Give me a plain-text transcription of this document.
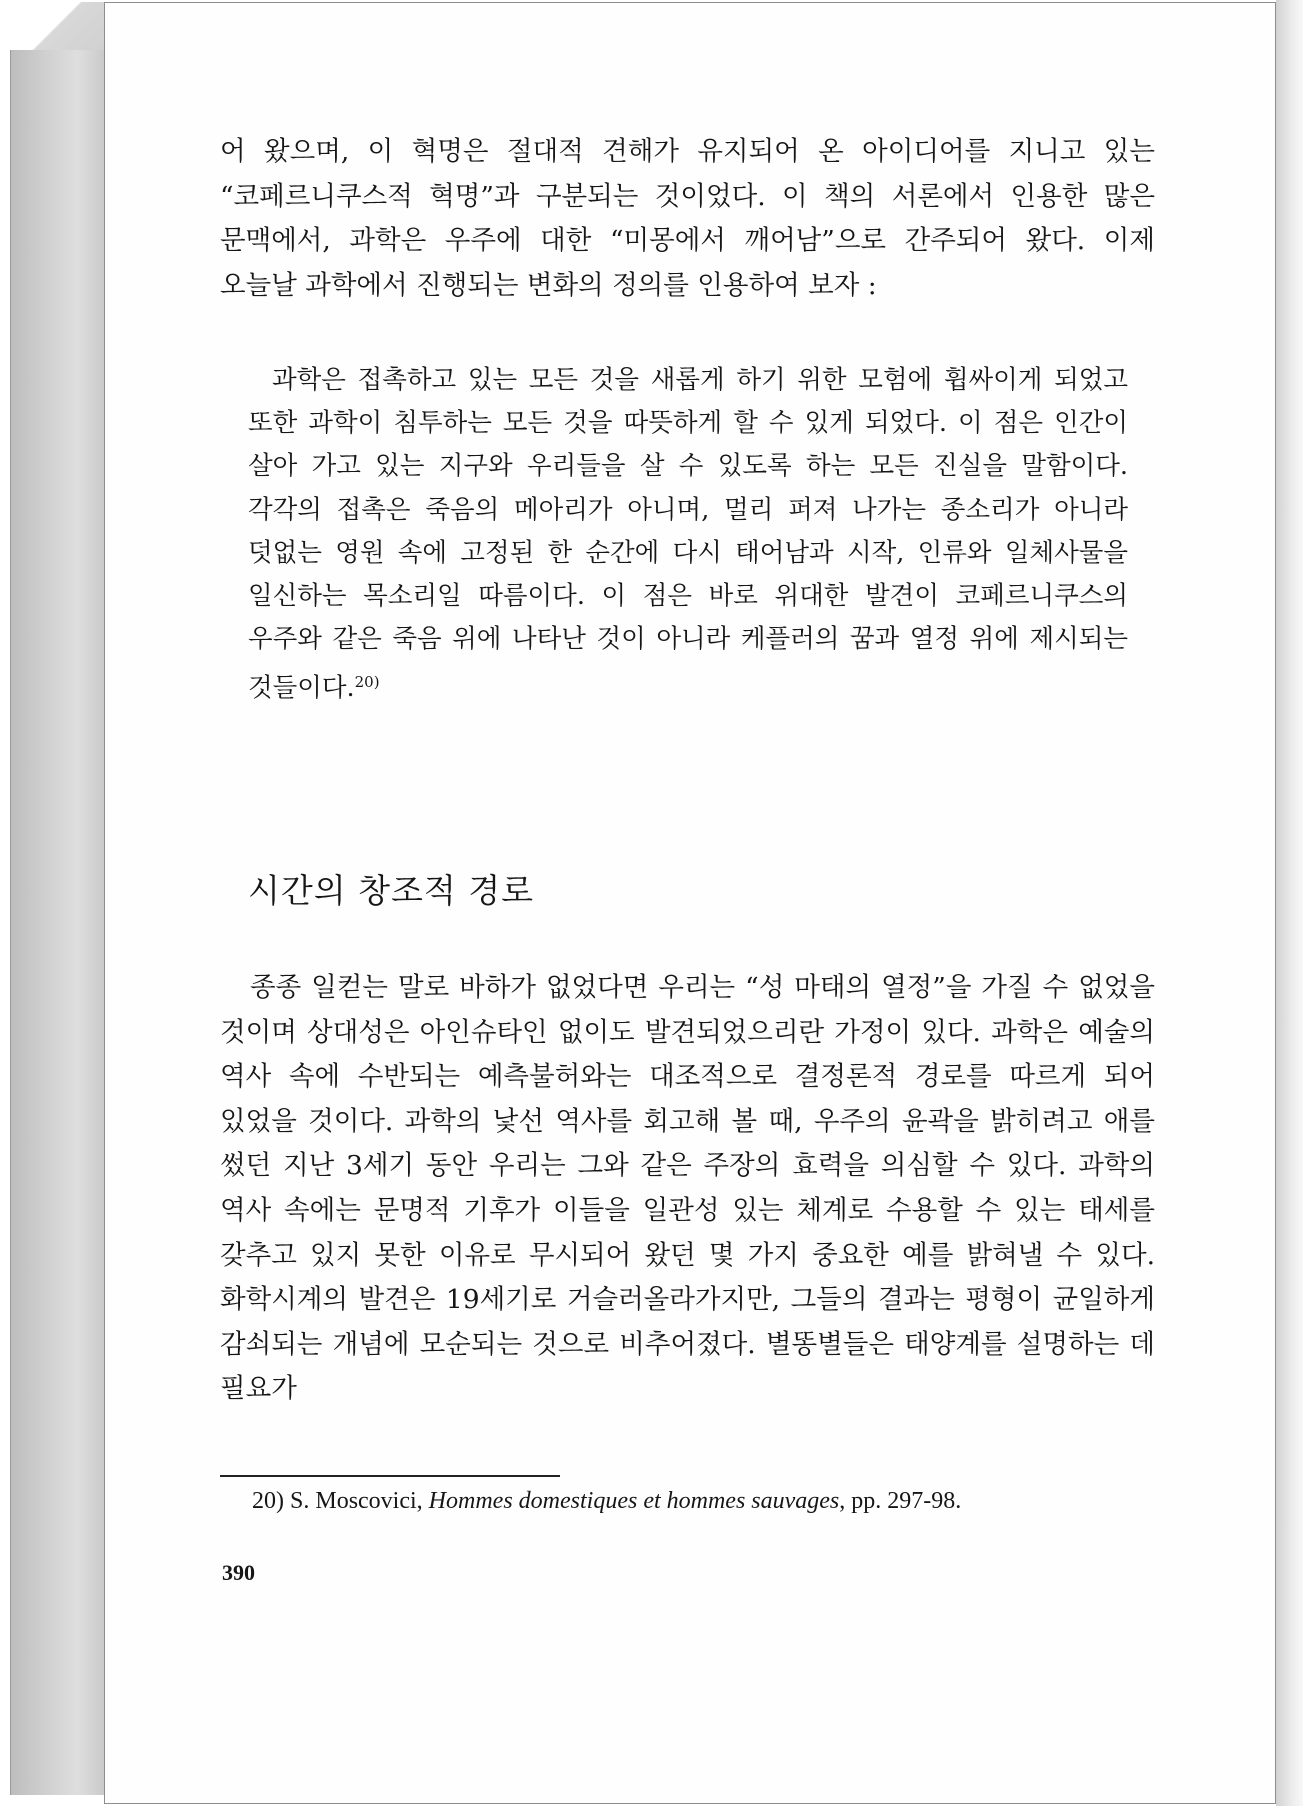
어 왔으며, 이 혁명은 절대적 견해가 유지되어 온 아이디어를 지니고 있는 “코페르니쿠스적 혁명”과 구분되는 것이었다. 이 책의 서론에서 인용한 많은 문맥에서, 과학은 우주에 대한 “미몽에서 깨어남”으로 간주되어 왔다. 이제 오늘날 과학에서 진행되는 변화의 정의를 인용하여 보자 :

과학은 접촉하고 있는 모든 것을 새롭게 하기 위한 모험에 휩싸이게 되었고 또한 과학이 침투하는 모든 것을 따뜻하게 할 수 있게 되었다. 이 점은 인간이 살아 가고 있는 지구와 우리들을 살 수 있도록 하는 모든 진실을 말함이다. 각각의 접촉은 죽음의 메아리가 아니며, 멀리 퍼져 나가는 종소리가 아니라 덧없는 영원 속에 고정된 한 순간에 다시 태어남과 시작, 인류와 일체사물을 일신하는 목소리일 따름이다. 이 점은 바로 위대한 발견이 코페르니쿠스의 우주와 같은 죽음 위에 나타난 것이 아니라 케플러의 꿈과 열정 위에 제시되는 것들이다.$^{20)}$

시간의 창조적 경로

종종 일컫는 말로 바하가 없었다면 우리는 “성 마태의 열정”을 가질 수 없었을 것이며 상대성은 아인슈타인 없이도 발견되었으리란 가정이 있다. 과학은 예술의 역사 속에 수반되는 예측불허와는 대조적으로 결정론적 경로를 따르게 되어 있었을 것이다. 과학의 낯선 역사를 회고해 볼 때, 우주의 윤곽을 밝히려고 애를 썼던 지난 3세기 동안 우리는 그와 같은 주장의 효력을 의심할 수 있다. 과학의 역사 속에는 문명적 기후가 이들을 일관성 있는 체계로 수용할 수 있는 태세를 갖추고 있지 못한 이유로 무시되어 왔던 몇 가지 중요한 예를 밝혀낼 수 있다. 화학시계의 발견은 19세기로 거슬러올라가지만, 그들의 결과는 평형이 균일하게 감쇠되는 개념에 모순되는 것으로 비추어졌다. 별똥별들은 태양계를 설명하는 데 필요가

20) S. Moscovici, Hommes domestiques et hommes sauvages, pp. 297-98.
390
